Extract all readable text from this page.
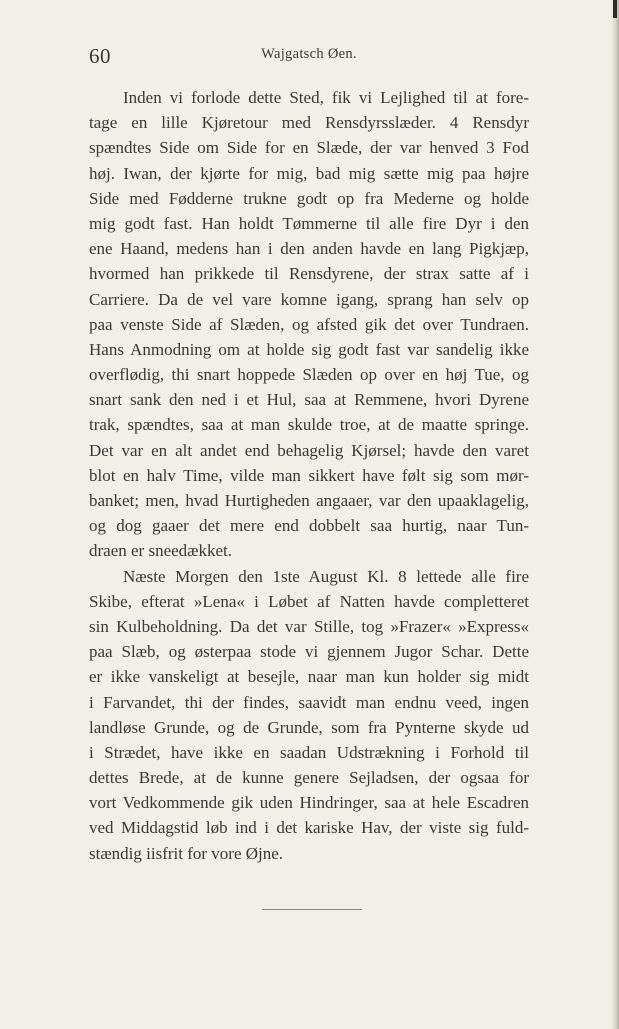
60	Wajgatsch Øen.
Inden vi forlode dette Sted, fik vi Lejlighed til at fore-
tage en lille Kjøretour med Rensdyrsslæder. 4 Rensdyr
spændtes Side om Side for en Slæde, der var henved 3 Fod
høj. Iwan, der kjørte for mig, bad mig sætte mig paa højre
Side med Fødderne trukne godt op fra Mederne og holde
mig godt fast. Han holdt Tømmerne til alle fire Dyr i den
ene Haand, medens han i den anden havde en lang Pigkjæp,
hvormed han prikkede til Rensdyrene, der strax satte af i
Carriere. Da de vel vare komne igang, sprang han selv op
paa venste Side af Slæden, og afsted gik det over Tundraen.
Hans Anmodning om at holde sig godt fast var sandelig ikke
overflødig, thi snart hoppede Slæden op over en høj Tue, og
snart sank den ned i et Hul, saa at Remmene, hvori Dyrene
trak, spændtes, saa at man skulde troe, at de maatte springe.
Det var en alt andet end behagelig Kjørsel; havde den varet
blot en halv Time, vilde man sikkert have følt sig som mør-
banket; men, hvad Hurtigheden angaaer, var den upaaklagelig,
og dog gaaer det mere end dobbelt saa hurtig, naar Tun-
draen er sneedækket.
Næste Morgen den 1ste August Kl. 8 lettede alle fire
Skibe, efterat »Lena« i Løbet af Natten havde completteret
sin Kulbeholdning. Da det var Stille, tog »Frazer« »Express«
paa Slæb, og østerpaa stode vi gjennem Jugor Schar. Dette
er ikke vanskeligt at besejle, naar man kun holder sig midt
i Farvandet, thi der findes, saavidt man endnu veed, ingen
landløse Grunde, og de Grunde, som fra Pynterne skyde ud
i Strædet, have ikke en saadan Udstrækning i Forhold til
dettes Brede, at de kunne genere Sejladsen, der ogsaa for
vort Vedkommende gik uden Hindringer, saa at hele Escadren
ved Middagstid løb ind i det kariske Hav, der viste sig fuld-
stændig iisfrit for vore Øjne.
